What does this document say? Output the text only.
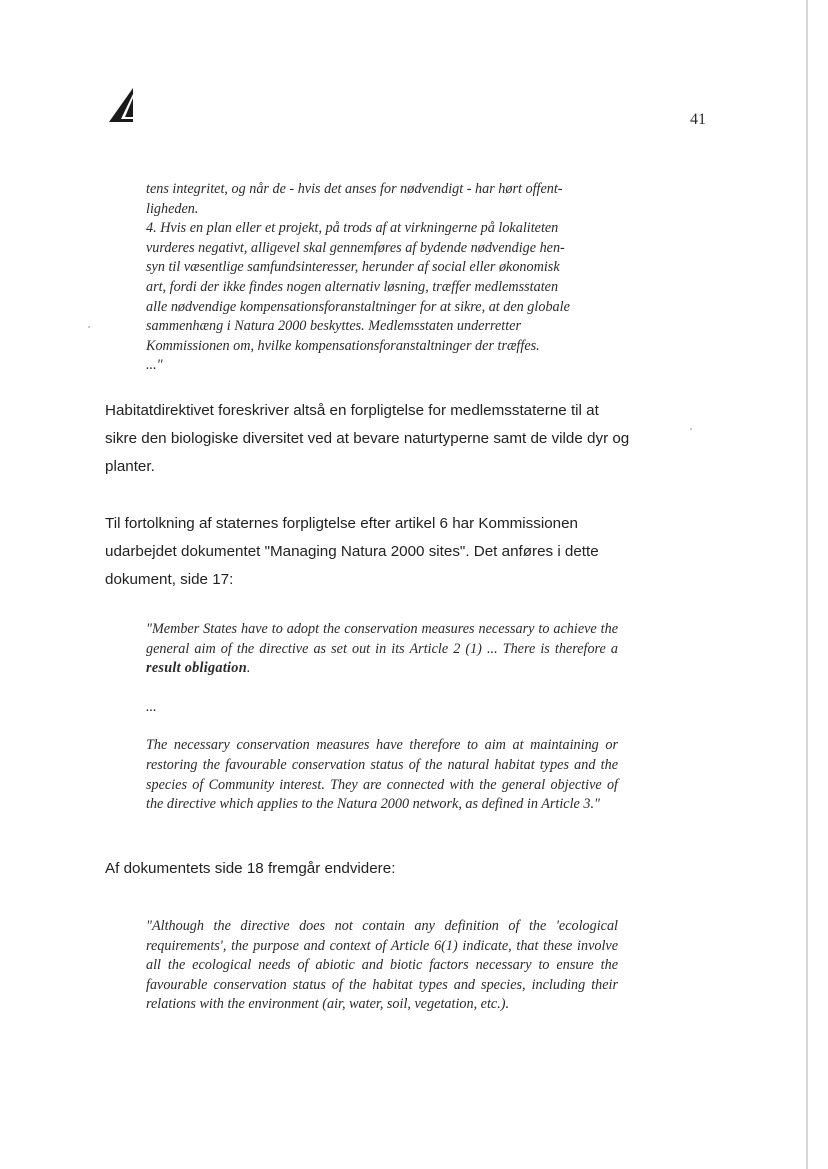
41
tens integritet, og når de - hvis det anses for nødvendigt - har hørt offent-
ligheden.
4. Hvis en plan eller et projekt, på trods af at virkningerne på lokaliteten
vurderes negativt, alligevel skal gennemføres af bydende nødvendige hen-
syn til væsentlige samfundsinteresser, herunder af social eller økonomisk
art, fordi der ikke findes nogen alternativ løsning, træffer medlemsstaten
alle nødvendige kompensationsforanstaltninger for at sikre, at den globale
sammenhæng i Natura 2000 beskyttes. Medlemsstaten underretter
Kommissionen om, hvilke kompensationsforanstaltninger der træffes.
..."

Habitatdirektivet foreskriver altså en forpligtelse for medlemsstaterne til at sikre den biologiske diversitet ved at bevare naturtyperne samt de vilde dyr og planter.

Til fortolkning af staternes forpligtelse efter artikel 6 har Kommissionen udarbejdet dokumentet "Managing Natura 2000 sites". Det anføres i dette dokument, side 17:

"Member States have to adopt the conservation measures necessary to achieve the general aim of the directive as set out in its Article 2 (1) ... There is therefore a result obligation.

...

The necessary conservation measures have therefore to aim at maintaining or restoring the favourable conservation status of the natural habitat types and the species of Community interest. They are connected with the general objective of the directive which applies to the Natura 2000 network, as defined in Article 3."

Af dokumentets side 18 fremgår endvidere:

"Although the directive does not contain any definition of the 'ecological requirements', the purpose and context of Article 6(1) indicate, that these involve all the ecological needs of abiotic and biotic factors necessary to ensure the favourable conservation status of the habitat types and species, including their relations with the environment (air, water, soil, vegetation, etc.).
